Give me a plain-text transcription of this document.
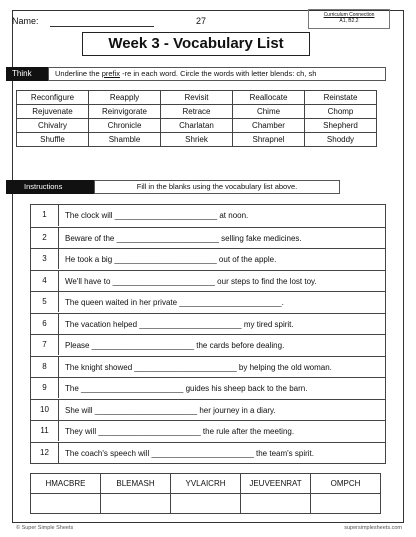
Name:	27
Curriculum Connection
A1, B2.2
Week 3 - Vocabulary List
Think	Underline the prefix -re in each word. Circle the words with letter blends: ch, sh
Reconfigure	Reapply	Revisit	Reallocate	Reinstate
Rejuvenate	Reinvigorate	Retrace	Chime	Chomp
Chivalry	Chronicle	Charlatan	Chamber	Shepherd
Shuffle	Shamble	Shriek	Shrapnel	Shoddy
Instructions	Fill in the blanks using the vocabulary list above.
1	The clock will _______________________ at noon.
2	Beware of the _______________________ selling fake medicines.
3	He took a big _______________________ out of the apple.
4	We'll have to _______________________ our steps to find the lost toy.
5	The queen waited in her private _______________________.
6	The vacation helped _______________________ my tired spirit.
7	Please _______________________ the cards before dealing.
8	The knight showed _______________________ by helping the old woman.
9	The _______________________ guides his sheep back to the barn.
10	She will _______________________ her journey in a diary.
11	They will _______________________ the rule after the meeting.
12	The coach's speech will _______________________ the team's spirit.
HMACBRE	BLEMASH	YVLAICRH	JEUVEENRAT	OMPCH

© Super Simple Sheets	supersimplesheets.com
